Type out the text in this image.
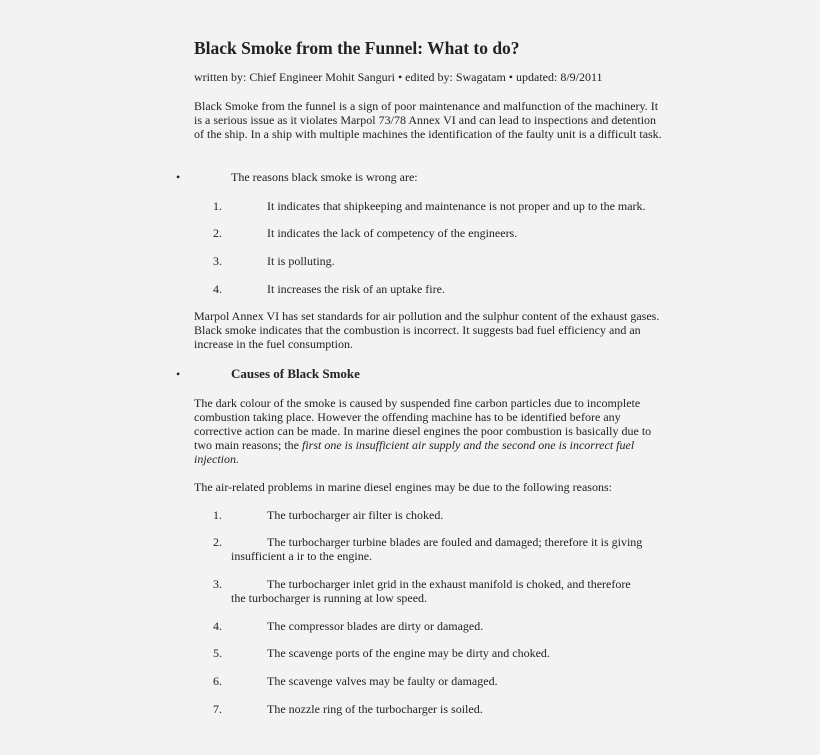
Black Smoke from the Funnel: What to do?
written by: Chief Engineer Mohit Sanguri • edited by: Swagatam • updated: 8/9/2011
Black Smoke from the funnel is a sign of poor maintenance and malfunction of the machinery. It is a serious issue as it violates Marpol 73/78 Annex VI and can lead to inspections and detention of the ship. In a ship with multiple machines the identification of the faulty unit is a difficult task.
•	The reasons black smoke is wrong are:
1.	It indicates that shipkeeping and maintenance is not proper and up to the mark.
2.	It indicates the lack of competency of the engineers.
3.	It is polluting.
4.	It increases the risk of an uptake fire.
Marpol Annex VI has set standards for air pollution and the sulphur content of the exhaust gases. Black smoke indicates that the combustion is incorrect. It suggests bad fuel efficiency and an increase in the fuel consumption.
•	Causes of Black Smoke
The dark colour of the smoke is caused by suspended fine carbon particles due to incomplete combustion taking place. However the offending machine has to be identified before any corrective action can be made. In marine diesel engines the poor combustion is basically due to two main reasons; the first one is insufficient air supply and the second one is incorrect fuel injection.
The air-related problems in marine diesel engines may be due to the following reasons:
1.	The turbocharger air filter is choked.
2.	The turbocharger turbine blades are fouled and damaged; therefore it is giving
insufficient a ir to the engine.
3.	The turbocharger inlet grid in the exhaust manifold is choked, and therefore
the turbocharger is running at low speed.
4.	The compressor blades are dirty or damaged.
5.	The scavenge ports of the engine may be dirty and choked.
6.	The scavenge valves may be faulty or damaged.
7.	The nozzle ring of the turbocharger is soiled.
